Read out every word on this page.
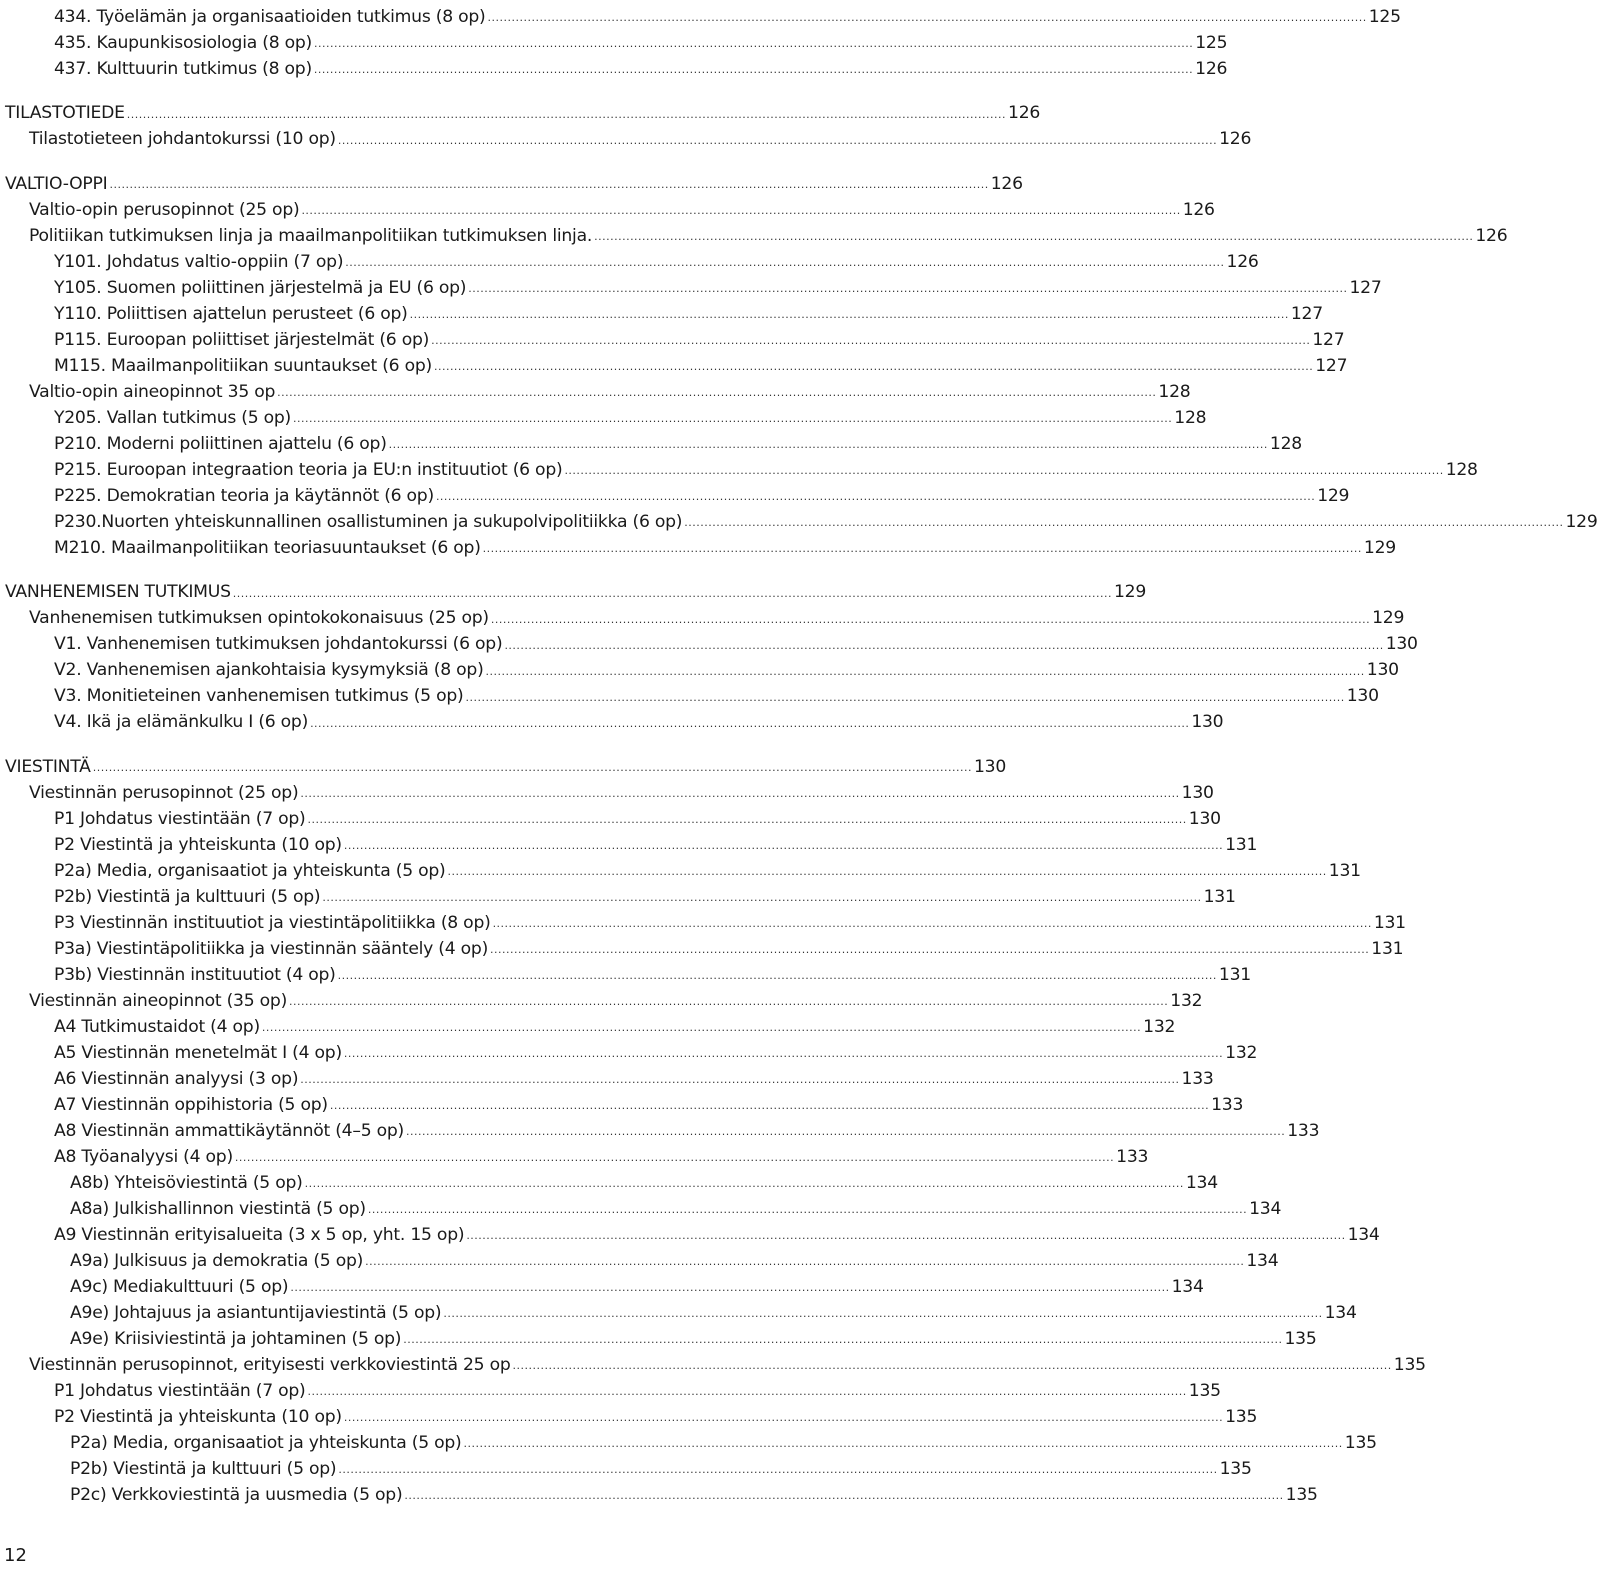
434. Työelämän ja organisaatioiden tutkimus (8 op) ............................................................................................................................................................................................................................ 125
435. Kaupunkisosiologia (8 op) ............................................................................................................................................................................................................................ 125
437. Kulttuurin tutkimus (8 op) ............................................................................................................................................................................................................................ 126
TILASTOTIEDE ............................................................................................................................................................................................................................ 126
Tilastotieteen johdantokurssi (10 op) ............................................................................................................................................................................................................................ 126
VALTIO-OPPI ............................................................................................................................................................................................................................ 126
Valtio-opin perusopinnot (25 op) ............................................................................................................................................................................................................................ 126
Politiikan tutkimuksen linja ja maailmanpolitiikan tutkimuksen linja. ............................................................................................................................................................................................................................ 126
Y101. Johdatus valtio-oppiin (7 op) ............................................................................................................................................................................................................................ 126
Y105. Suomen poliittinen järjestelmä ja EU (6 op) ............................................................................................................................................................................................................................ 127
Y110. Poliittisen ajattelun perusteet (6 op) ............................................................................................................................................................................................................................ 127
P115. Euroopan poliittiset järjestelmät (6 op) ............................................................................................................................................................................................................................ 127
M115. Maailmanpolitiikan suuntaukset (6 op) ............................................................................................................................................................................................................................ 127
Valtio-opin aineopinnot 35 op ............................................................................................................................................................................................................................ 128
Y205. Vallan tutkimus (5 op) ............................................................................................................................................................................................................................ 128
P210. Moderni poliittinen ajattelu (6 op) ............................................................................................................................................................................................................................ 128
P215. Euroopan integraation teoria ja EU:n instituutiot (6 op) ............................................................................................................................................................................................................................ 128
P225. Demokratian teoria ja käytännöt (6 op) ............................................................................................................................................................................................................................ 129
P230.Nuorten yhteiskunnallinen osallistuminen ja sukupolvipolitiikka (6 op) ............................................................................................................................................................................................................................ 129
M210. Maailmanpolitiikan teoriasuuntaukset (6 op) ............................................................................................................................................................................................................................ 129
VANHENEMISEN TUTKIMUS ............................................................................................................................................................................................................................ 129
Vanhenemisen tutkimuksen opintokokonaisuus (25 op) ............................................................................................................................................................................................................................ 129
V1. Vanhenemisen tutkimuksen johdantokurssi (6 op) ............................................................................................................................................................................................................................ 130
V2. Vanhenemisen ajankohtaisia kysymyksiä (8 op) ............................................................................................................................................................................................................................ 130
V3. Monitieteinen vanhenemisen tutkimus (5 op) ............................................................................................................................................................................................................................ 130
V4. Ikä ja elämänkulku I (6 op) ............................................................................................................................................................................................................................ 130
VIESTINTÄ ............................................................................................................................................................................................................................ 130
Viestinnän perusopinnot (25 op) ............................................................................................................................................................................................................................ 130
P1 Johdatus viestintään (7 op) ............................................................................................................................................................................................................................ 130
P2 Viestintä ja yhteiskunta (10 op) ............................................................................................................................................................................................................................ 131
P2a) Media, organisaatiot ja yhteiskunta (5 op) ............................................................................................................................................................................................................................ 131
P2b) Viestintä ja kulttuuri (5 op) ............................................................................................................................................................................................................................ 131
P3 Viestinnän instituutiot ja viestintäpolitiikka (8 op) ............................................................................................................................................................................................................................ 131
P3a) Viestintäpolitiikka ja viestinnän sääntely (4 op) ............................................................................................................................................................................................................................ 131
P3b) Viestinnän instituutiot (4 op) ............................................................................................................................................................................................................................ 131
Viestinnän aineopinnot (35 op) ............................................................................................................................................................................................................................ 132
A4 Tutkimustaidot (4 op) ............................................................................................................................................................................................................................ 132
A5 Viestinnän menetelmät I (4 op) ............................................................................................................................................................................................................................ 132
A6 Viestinnän analyysi (3 op) ............................................................................................................................................................................................................................ 133
A7 Viestinnän oppihistoria (5 op) ............................................................................................................................................................................................................................ 133
A8 Viestinnän ammattikäytännöt (4–5 op) ............................................................................................................................................................................................................................ 133
A8 Työanalyysi (4 op) ............................................................................................................................................................................................................................ 133
A8b) Yhteisöviestintä (5 op) ............................................................................................................................................................................................................................ 134
A8a) Julkishallinnon viestintä (5 op) ............................................................................................................................................................................................................................ 134
A9 Viestinnän erityisalueita (3 x 5 op, yht. 15 op) ............................................................................................................................................................................................................................ 134
A9a) Julkisuus ja demokratia (5 op) ............................................................................................................................................................................................................................ 134
A9c) Mediakulttuuri (5 op) ............................................................................................................................................................................................................................ 134
A9e) Johtajuus ja asiantuntijaviestintä (5 op) ............................................................................................................................................................................................................................ 134
A9e) Kriisiviestintä ja johtaminen (5 op) ............................................................................................................................................................................................................................ 135
Viestinnän perusopinnot, erityisesti verkkoviestintä 25 op ............................................................................................................................................................................................................................ 135
P1 Johdatus viestintään (7 op) ............................................................................................................................................................................................................................ 135
P2 Viestintä ja yhteiskunta (10 op) ............................................................................................................................................................................................................................ 135
P2a) Media, organisaatiot ja yhteiskunta (5 op) ............................................................................................................................................................................................................................ 135
P2b) Viestintä ja kulttuuri (5 op) ............................................................................................................................................................................................................................ 135
P2c) Verkkoviestintä ja uusmedia (5 op) ............................................................................................................................................................................................................................ 135
12
